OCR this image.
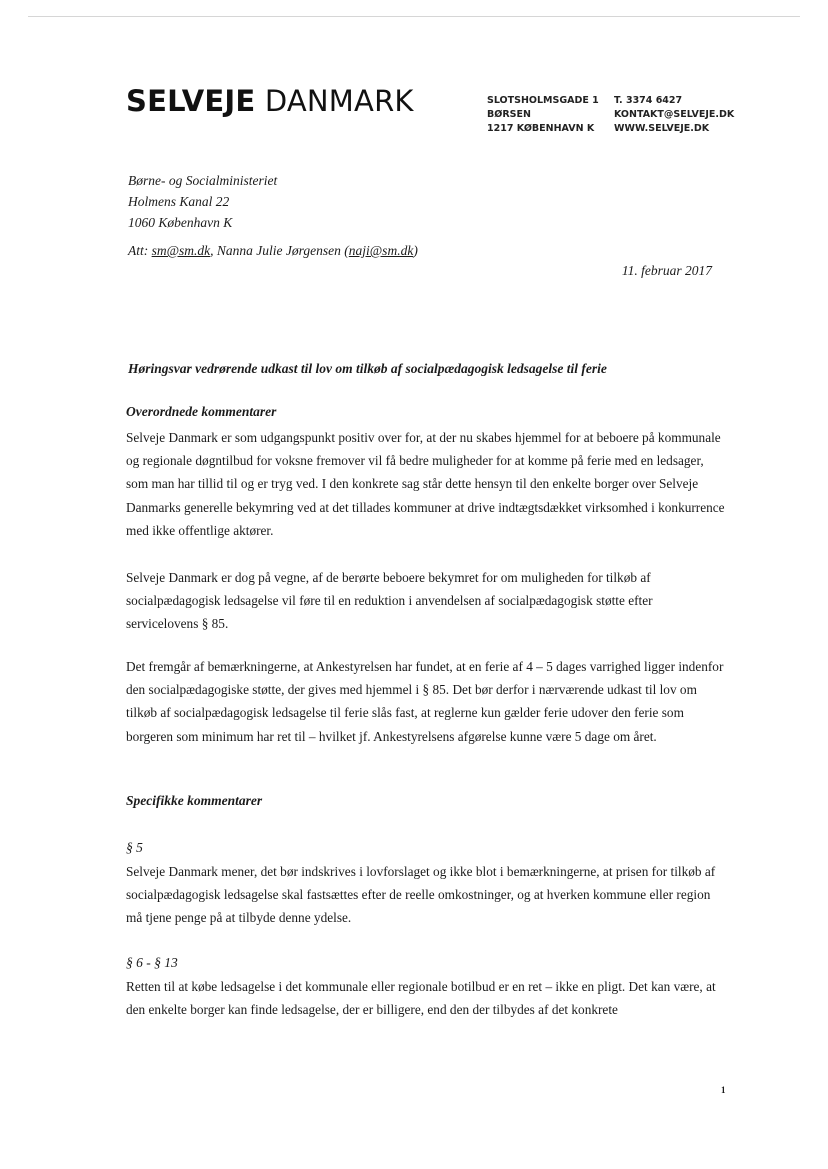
SELVEJE DANMARK	SLOTSHOLMSGADE 1
BØRSEN
1217 KØBENHAVN K
T. 3374 6427
KONTAKT@SELVEJE.DK
WWW.SELVEJE.DK
Børne- og Socialministeriet
Holmens Kanal 22
1060 København K
Att: sm@sm.dk, Nanna Julie Jørgensen (naji@sm.dk)
11. februar 2017
Høringsvar vedrørende udkast til lov om tilkøb af socialpædagogisk ledsagelse til ferie
Overordnede kommentarer

Selveje Danmark er som udgangspunkt positiv over for, at der nu skabes hjemmel for at beboere på kommunale og regionale døgntilbud for voksne fremover vil få bedre muligheder for at komme på ferie med en ledsager, som man har tillid til og er tryg ved. I den konkrete sag står dette hensyn til den enkelte borger over Selveje Danmarks generelle bekymring ved at det tillades kommuner at drive indtægtsdækket virksomhed i konkurrence med ikke offentlige aktører.

Selveje Danmark er dog på vegne, af de berørte beboere bekymret for om muligheden for tilkøb af socialpædagogisk ledsagelse vil føre til en reduktion i anvendelsen af socialpædagogisk støtte efter servicelovens § 85.

Det fremgår af bemærkningerne, at Ankestyrelsen har fundet, at en ferie af 4 – 5 dages varrighed ligger indenfor den socialpædagogiske støtte, der gives med hjemmel i § 85. Det bør derfor i nærværende udkast til lov om tilkøb af socialpædagogisk ledsagelse til ferie slås fast, at reglerne kun gælder ferie udover den ferie som borgeren som minimum har ret til – hvilket jf. Ankestyrelsens afgørelse kunne være 5 dage om året.

Specifikke kommentarer
§ 5

Selveje Danmark mener, det bør indskrives i lovforslaget og ikke blot i bemærkningerne, at prisen for tilkøb af socialpædagogisk ledsagelse skal fastsættes efter de reelle omkostninger, og at hverken kommune eller region må tjene penge på at tilbyde denne ydelse.

§ 6 - § 13

Retten til at købe ledsagelse i det kommunale eller regionale botilbud er en ret – ikke en pligt. Det kan være, at den enkelte borger kan finde ledsagelse, der er billigere, end den der tilbydes af det konkrete

1
